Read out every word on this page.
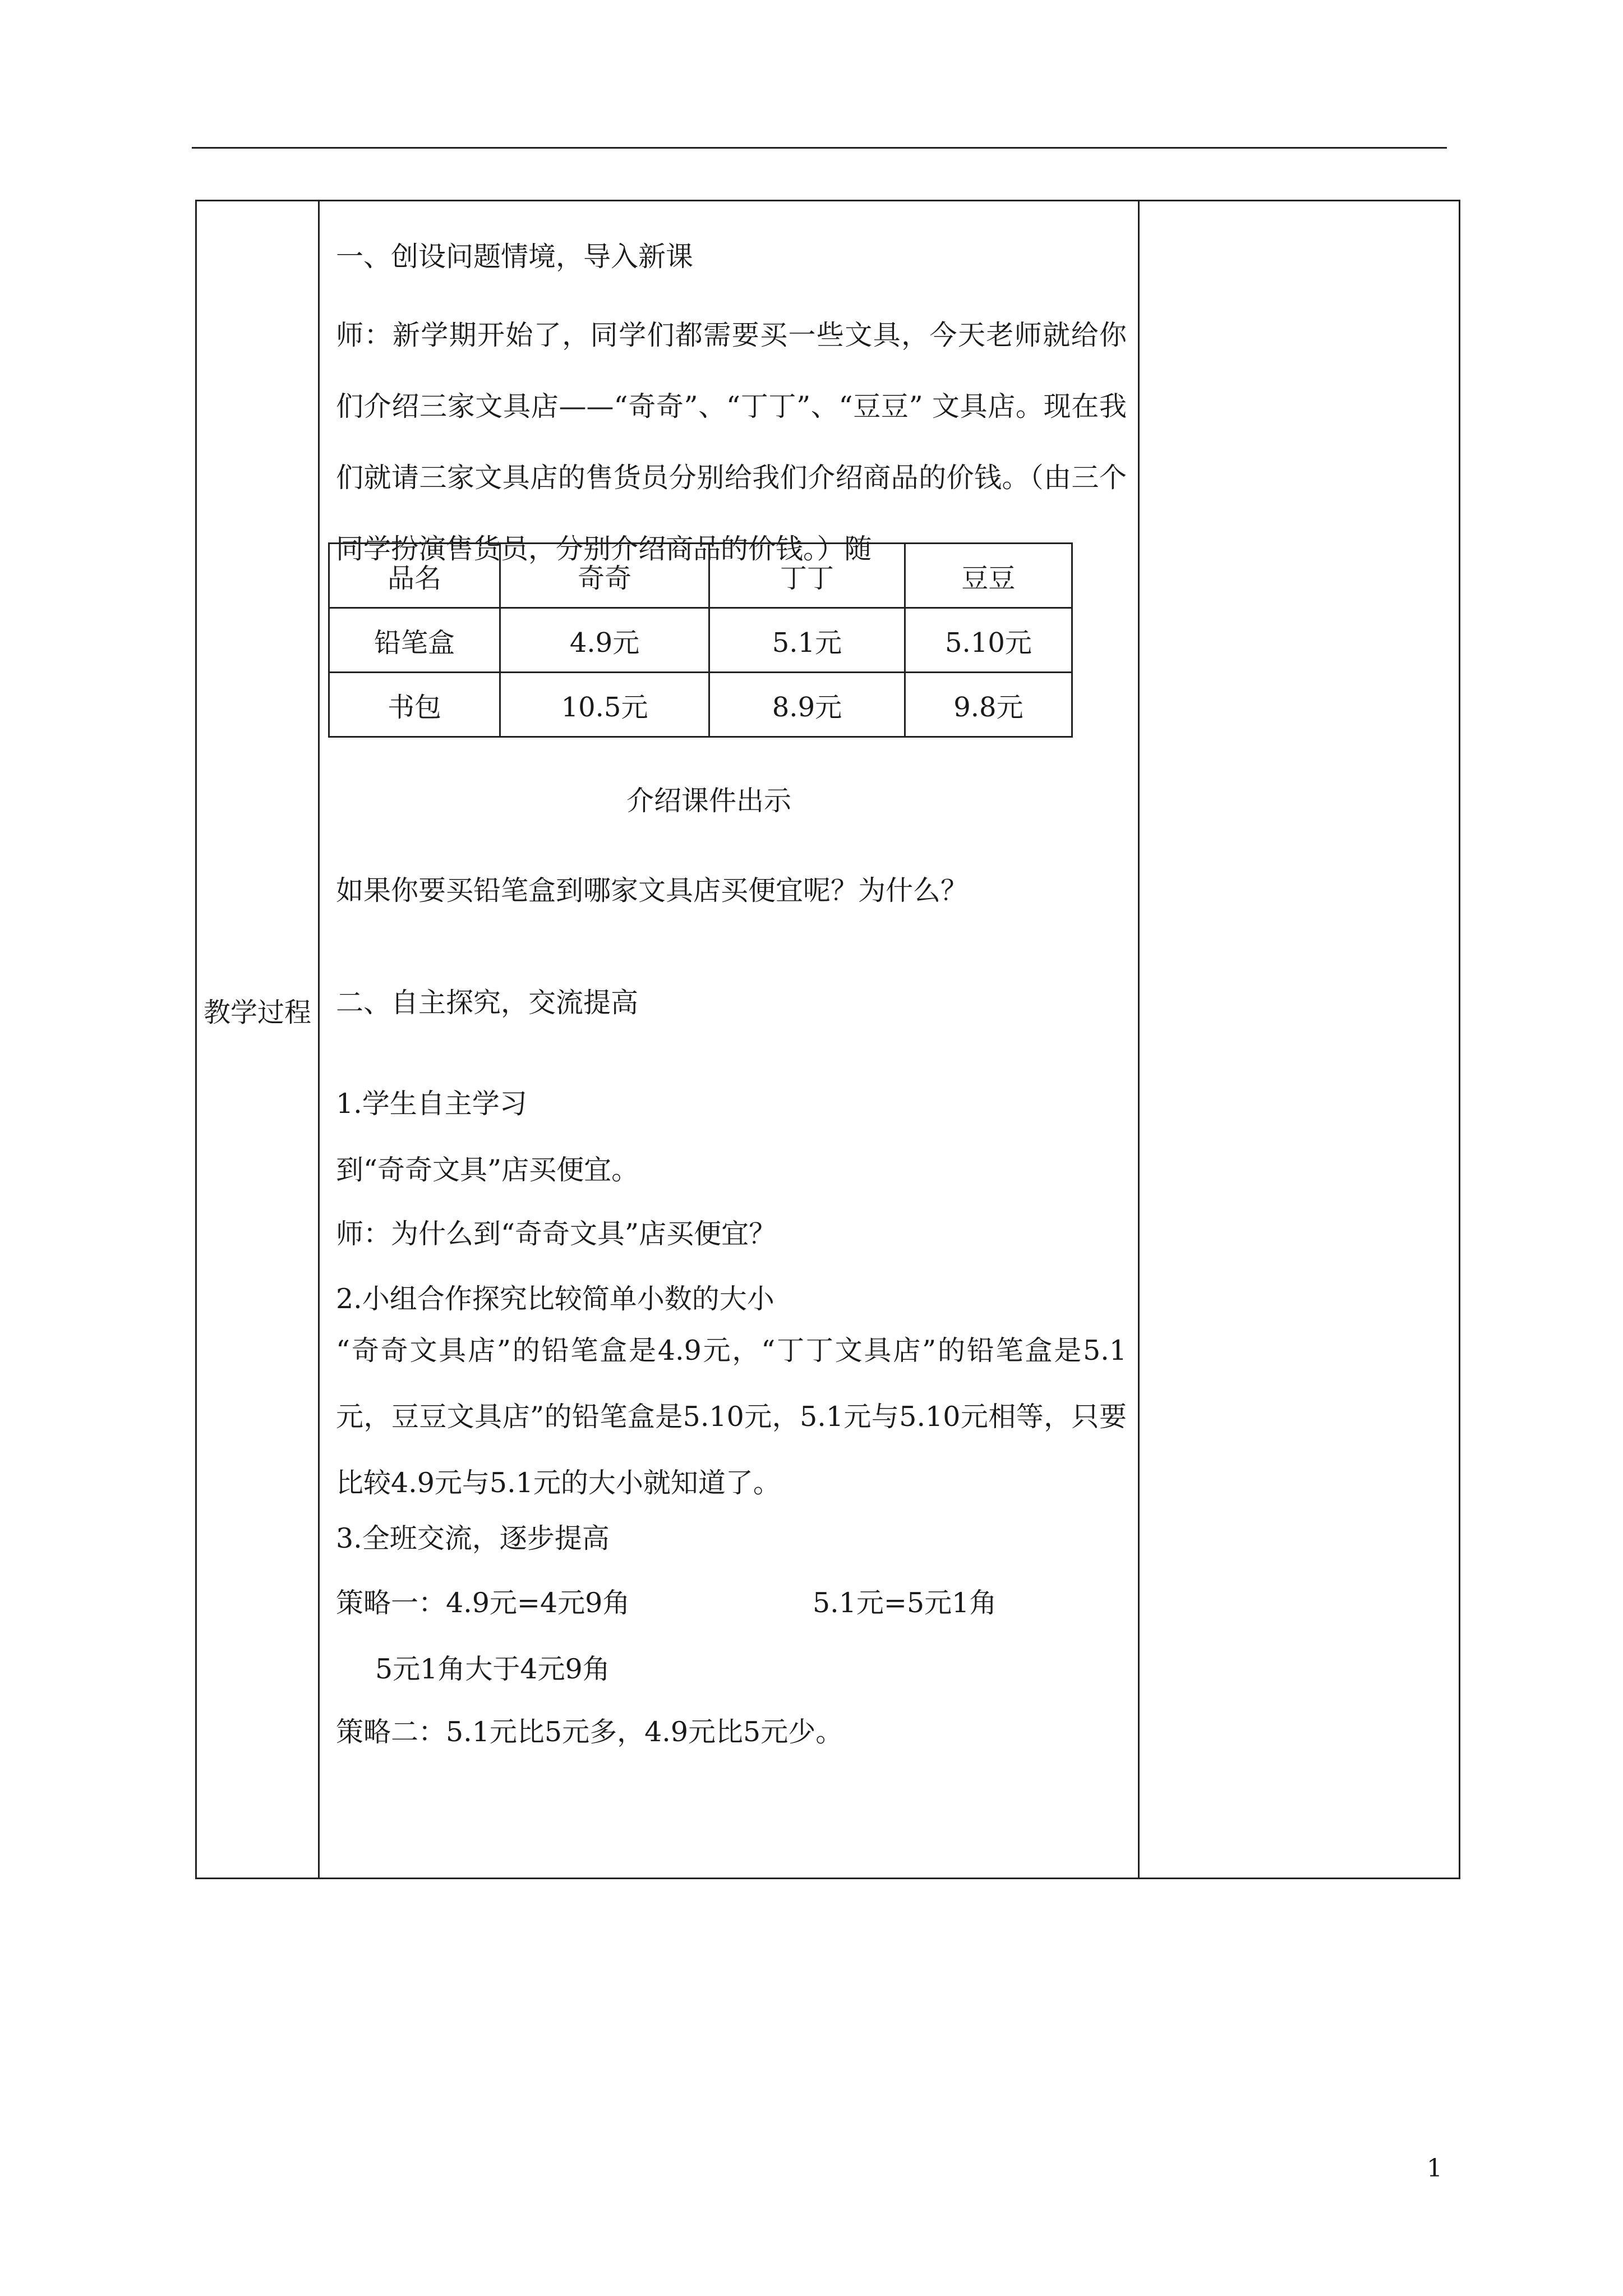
教学过程
一、创设问题情境，导入新课
师：新学期开始了，同学们都需要买一些文具，今天老师就给你们介绍三家文具店——“奇奇”、“丁丁”、“豆豆” 文具店。现在我们就请三家文具店的售货员分别给我们介绍商品的价钱。（由三个同学扮演售货员，分别介绍商品的价钱。）随
品名	奇奇	丁丁	豆豆
铅笔盒	4.9元	5.1元	5.10元
书包	10.5元	8.9元	9.8元
介绍课件出示
如果你要买铅笔盒到哪家文具店买便宜呢？为什么？
二、自主探究，交流提高
1.学生自主学习
到“奇奇文具”店买便宜。
师：为什么到“奇奇文具”店买便宜？
2.小组合作探究比较简单小数的大小
“奇奇文具店”的铅笔盒是4.9元，“丁丁文具店”的铅笔盒是5.1元，豆豆文具店”的铅笔盒是5.10元，5.1元与5.10元相等，只要比较4.9元与5.1元的大小就知道了。
3.全班交流，逐步提高
策略一：4.9元=4元9角	5.1元=5元1角
5元1角大于4元9角
策略二：5.1元比5元多，4.9元比5元少。
1
